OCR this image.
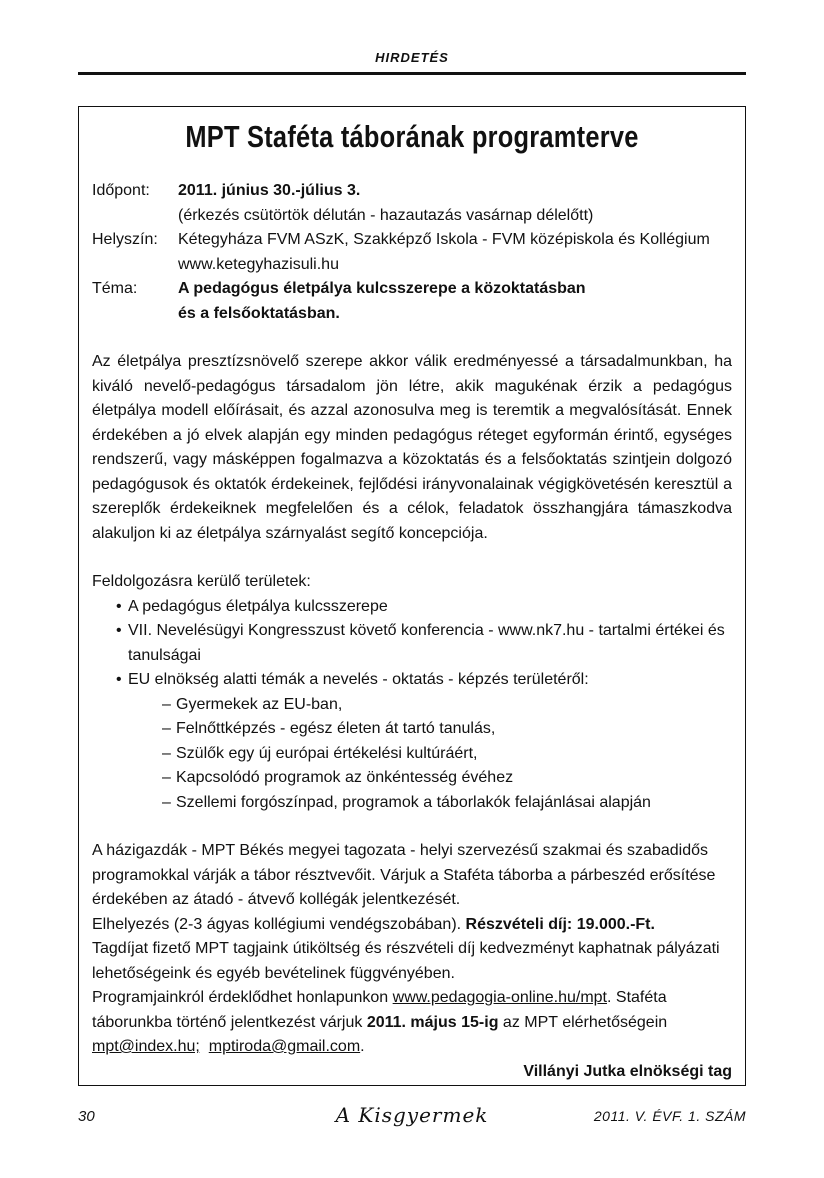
HIRDETÉS
MPT Staféta táborának programterve
Időpont:	2011. június 30.-július 3.
(érkezés csütörtök délután - hazautazás vasárnap délelőtt)
Helyszín:	Kétegyháza FVM ASzK, Szakképző Iskola - FVM középiskola és Kollégium
www.ketegyhazisuli.hu
Téma:	A pedagógus életpálya kulcsszerepe a közoktatásban
és a felsőoktatásban.
Az életpálya presztízsnövelő szerepe akkor válik eredményessé a társadalmunkban, ha kiváló nevelő-pedagógus társadalom jön létre, akik magukénak érzik a pedagógus életpálya modell előírásait, és azzal azonosulva meg is teremtik a megvalósítását. Ennek érdekében a jó elvek alapján egy minden pedagógus réteget egyformán érintő, egységes rendszerű, vagy másképpen fogalmazva a közoktatás és a felsőoktatás szintjein dolgozó pedagógusok és oktatók érdekeinek, fejlődési irányvonalainak végigkövetésén keresztül a szereplők érdekeiknek megfelelően és a célok, feladatok összhangjára támaszkodva alakuljon ki az életpálya szárnyalást segítő koncepciója.
Feldolgozásra kerülő területek:
• A pedagógus életpálya kulcsszerepe
• VII. Nevelésügyi Kongresszust követő konferencia - www.nk7.hu - tartalmi értékei és tanulságai
• EU elnökség alatti témák a nevelés - oktatás - képzés területéről:
– Gyermekek az EU-ban,
– Felnőttképzés - egész életen át tartó tanulás,
– Szülők egy új európai értékelési kultúráért,
– Kapcsolódó programok az önkéntesség évéhez
– Szellemi forgószínpad, programok a táborlakók felajánlásai alapján
A házigazdák - MPT Békés megyei tagozata - helyi szervezésű szakmai és szabadidős programokkal várják a tábor résztvevőit. Várjuk a Staféta táborba a párbeszéd erősítése érdekében az átadó - átvevő kollégák jelentkezését.
Elhelyezés (2-3 ágyas kollégiumi vendégszobában). Részvételi díj: 19.000.-Ft.
Tagdíjat fizető MPT tagjaink útiköltség és részvételi díj kedvezményt kaphatnak pályázati lehetőségeink és egyéb bevételinek függvényében.
Programjainkról érdeklődhet honlapunkon www.pedagogia-online.hu/mpt. Staféta táborunkba történő jelentkezést várjuk 2011. május 15-ig az MPT elérhetőségein
mpt@index.hu; mptiroda@gmail.com.
Villányi Jutka elnökségi tag
30	A Kisgyermek	2011. V. ÉVF. 1. SZÁM
